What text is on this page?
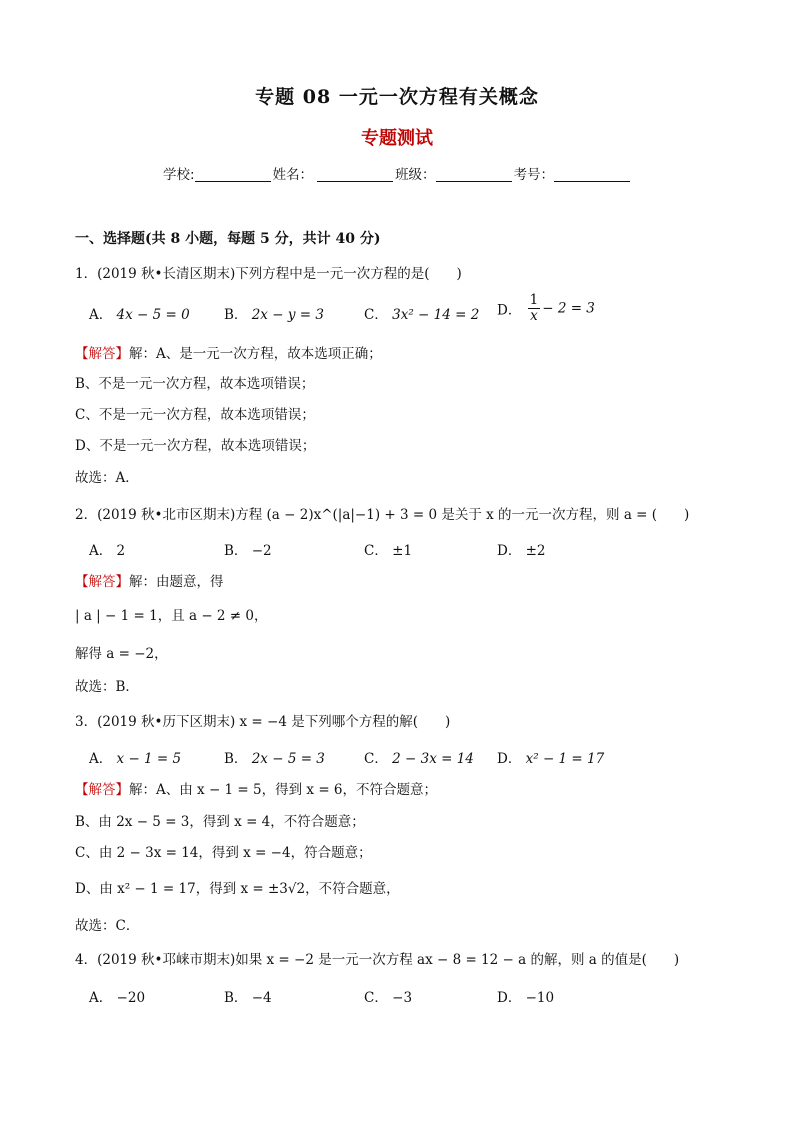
专题 08 一元一次方程有关概念
专题测试
学校:	姓名：	班级：	考号：
一、选择题(共 8 小题，每题 5 分，共计 40 分)
1．(2019 秋•长清区期末)下列方程中是一元一次方程的是(　　)
A． 4x − 5 = 0	B． 2x − y = 3	C． 3x² − 14 = 2 D． $\frac{1}{x} - 2 = 3$
【解答】解：A、是一元一次方程，故本选项正确；
B、不是一元一次方程，故本选项错误；
C、不是一元一次方程，故本选项错误；
D、不是一元一次方程，故本选项错误；
故选：A．
2．(2019 秋•北市区期末)方程 (a − 2)x^(|a|−1) + 3 = 0 是关于 x 的一元一次方程，则 a = (　　)
A． 2	B． −2	C． ±1	D． ±2
【解答】解：由题意，得
| a | − 1 = 1，且 a − 2 ≠ 0，
解得 a = −2，
故选：B．
3．(2019 秋•历下区期末) x = −4 是下列哪个方程的解(　　)
A． x − 1 = 5	B． 2x − 5 = 3	C． 2 − 3x = 14 D． x² − 1 = 17
【解答】解：A、由 x − 1 = 5，得到 x = 6，不符合题意；
B、由 2x − 5 = 3，得到 x = 4，不符合题意；
C、由 2 − 3x = 14，得到 x = −4，符合题意；
D、由 x² − 1 = 17，得到 x = ±3√2，不符合题意，
故选：C．
4．(2019 秋•邛崃市期末)如果 x = −2 是一元一次方程 ax − 8 = 12 − a 的解，则 a 的值是(　　)
A． −20	B． −4	C． −3	D． −10
